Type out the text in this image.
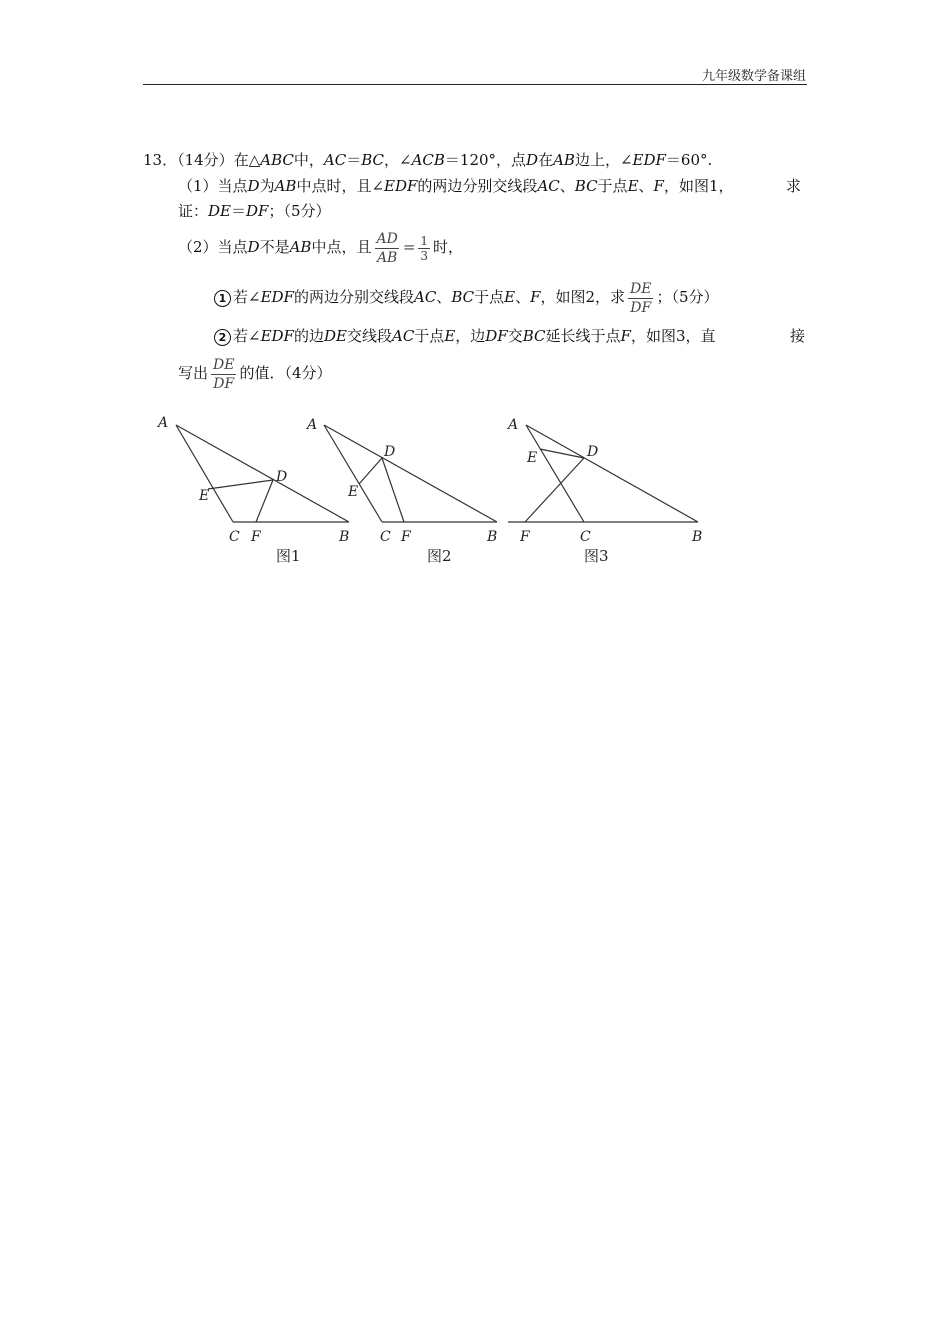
九年级数学备课组
13．（14分）在△ABC中，AC＝BC，∠ACB＝120°，点D在AB边上，∠EDF＝60°.
（1）当点D为AB中点时，且∠EDF的两边分别交线段AC、BC于点E、F，如图1，	求
证：DE＝DF；（5分）
（2）当点D不是AB中点，且 $\frac{AD}{AB} = \frac{1}{3}$ 时，
1 若∠EDF的两边分别交线段AC、BC于点E、F，如图2，求 $\frac{DE}{DF}$ ；（5分）
2 若∠EDF的边DE交线段AC于点E，边DF交BC延长线于点F，如图3，直	接
写出 $\frac{DE}{DF}$ 的值．（4分）
A
D
E
C F	B
图1
A
D
E
C F	B
图2
A
D
E
F	C	B
图3
